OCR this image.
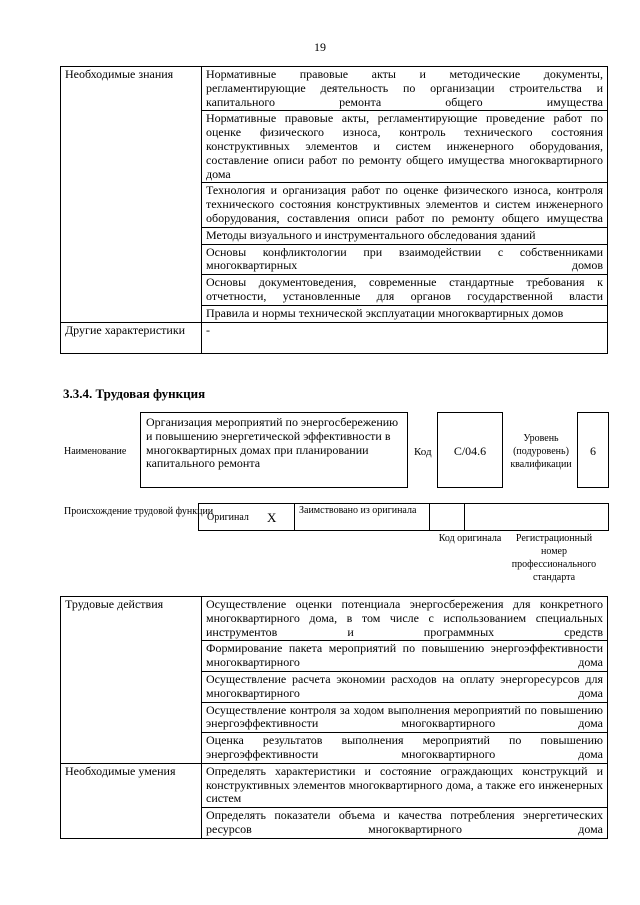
19
Необходимые знания	Нормативные правовые акты и методические документы, регламентирующие деятельность по организации строительства и капитального ремонта общего имущества
	Нормативные правовые акты, регламентирующие проведение работ по оценке физического износа, контроль технического состояния конструктивных элементов и систем инженерного оборудования, составление описи работ по ремонту общего имущества многоквартирного дома
	Технология и организация работ по оценке физического износа, контроля технического состояния конструктивных элементов и систем инженерного оборудования, составления описи работ по ремонту общего имущества
	Методы визуального и инструментального обследования зданий
	Основы конфликтологии при взаимодействии с собственниками многоквартирных домов
	Основы документоведения, современные стандартные требования к отчетности, установленные для органов государственной власти
	Правила и нормы технической эксплуатации многоквартирных домов
Другие характеристики	-
3.3.4. Трудовая функция
Наименование
Организация мероприятий по энергосбережению и повышению энергетической эффективности в многоквартирных домах при планировании капитального ремонта
Код	C/04.6
Уровень (подуровень) квалификации
6
Происхождение трудовой функции
Оригинал X	Заимствовано из оригинала
Код оригинала	Регистрационный номер профессионального стандарта
Трудовые действия	Осуществление оценки потенциала энергосбережения для конкретного многоквартирного дома, в том числе с использованием специальных инструментов и программных средств
	Формирование пакета мероприятий по повышению энергоэффективности многоквартирного дома
	Осуществление расчета экономии расходов на оплату энергоресурсов для многоквартирного дома
	Осуществление контроля за ходом выполнения мероприятий по повышению энергоэффективности многоквартирного дома
	Оценка результатов выполнения мероприятий по повышению энергоэффективности многоквартирного дома
Необходимые умения	Определять характеристики и состояние ограждающих конструкций и конструктивных элементов многоквартирного дома, а также его инженерных систем
	Определять показатели объема и качества потребления энергетических ресурсов многоквартирного дома
